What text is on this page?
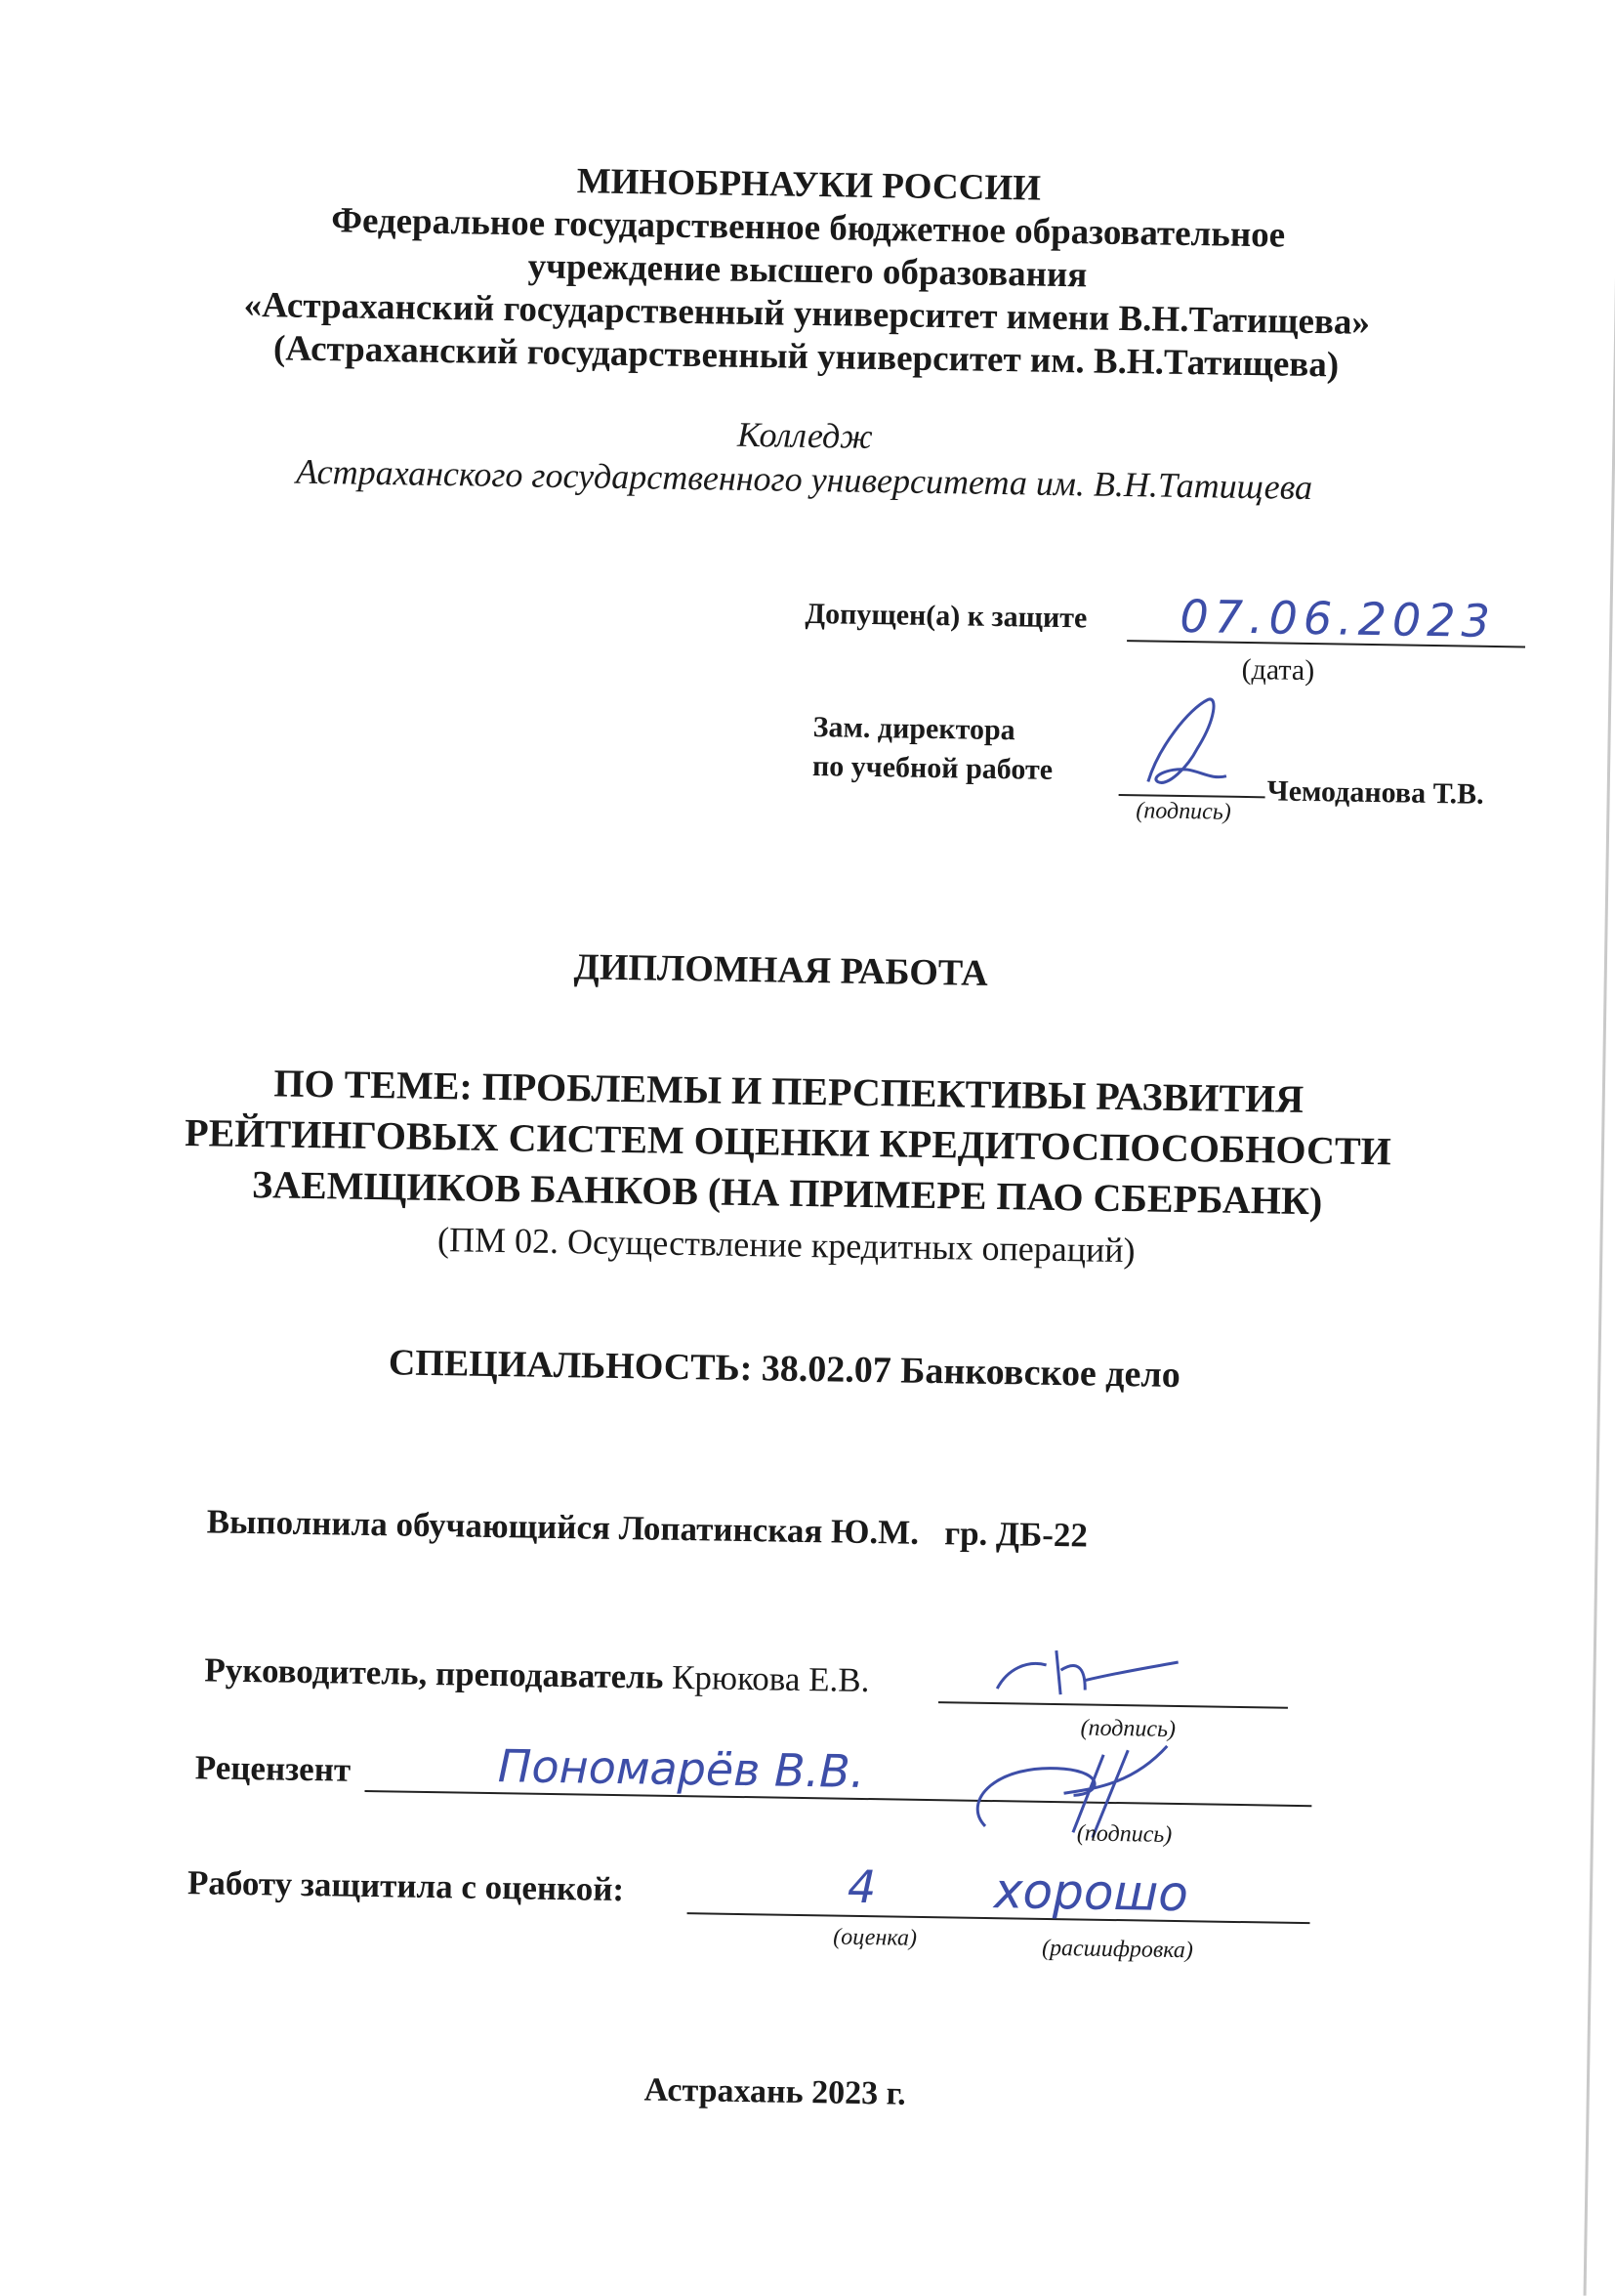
МИНОБРНАУКИ РОССИИ
Федеральное государственное бюджетное образовательное
учреждение высшего образования
«Астраханский государственный университет имени В.Н.Татищева»
(Астраханский государственный университет им. В.Н.Татищева)
Колледж
Астраханского государственного университета им. В.Н.Татищева
Допущен(а) к защите 07.06.2023
(дата)
Зам. директора
по учебной работе
(подпись)
Чемоданова Т.В.
ДИПЛОМНАЯ РАБОТА
ПО ТЕМЕ: ПРОБЛЕМЫ И ПЕРСПЕКТИВЫ РАЗВИТИЯ
РЕЙТИНГОВЫХ СИСТЕМ ОЦЕНКИ КРЕДИТОСПОСОБНОСТИ
ЗАЕМЩИКОВ БАНКОВ (НА ПРИМЕРЕ ПАО СБЕРБАНК)
(ПМ 02. Осуществление кредитных операций)
СПЕЦИАЛЬНОСТЬ: 38.02.07 Банковское дело
Выполнила обучающийся Лопатинская Ю.М. гр. ДБ-22
Руководитель, преподаватель Крюкова Е.В.
(подпись)
Рецензент	Пономарёв В.В.
(подпись)
Работу защитила с оценкой:	4 хорошо
(оценка)	(расшифровка)
Астрахань 2023 г.
